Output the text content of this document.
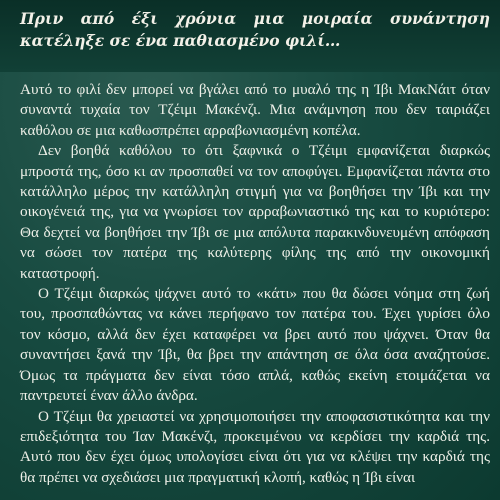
Πριν από έξι χρόνια μια μοιραία συνάντηση κατέληξε σε ένα παθιασμένο φιλί…

Αυτό το φιλί δεν μπορεί να βγάλει από το μυαλό της η Ίβι ΜακΝάιτ όταν συναντά τυχαία τον Τζέιμι Μακένζι. Μια ανάμνηση που δεν ταιριάζει καθόλου σε μια καθωσπρέπει αρραβωνιασμένη κοπέλα.

Δεν βοηθά καθόλου το ότι ξαφνικά ο Τζέιμι εμφανίζεται διαρκώς μπροστά της, όσο κι αν προσπαθεί να τον αποφύγει. Εμφανίζεται πάντα στο κατάλληλο μέρος την κατάλληλη στιγμή για να βοηθήσει την Ίβι και την οικογένειά της, για να γνωρίσει τον αρραβωνιαστικό της και το κυριότερο: Θα δεχτεί να βοηθήσει την Ίβι σε μια απόλυτα παρακινδυνευμένη απόφαση να σώσει τον πατέρα της καλύτερης φίλης της από την οικονομική καταστροφή.

Ο Τζέιμι διαρκώς ψάχνει αυτό το «κάτι» που θα δώσει νόημα στη ζωή του, προσπαθώντας να κάνει περήφανο τον πατέρα του. Έχει γυρίσει όλο τον κόσμο, αλλά δεν έχει καταφέρει να βρει αυτό που ψάχνει. Όταν θα συναντήσει ξανά την Ίβι, θα βρει την απάντηση σε όλα όσα αναζητούσε. Όμως τα πράγματα δεν είναι τόσο απλά, καθώς εκείνη ετοιμάζεται να παντρευτεί έναν άλλο άνδρα.

Ο Τζέιμι θα χρειαστεί να χρησιμοποιήσει την αποφασιστικότητα και την επιδεξιότητα του Ίαν Μακένζι, προκειμένου να κερδίσει την καρδιά της. Αυτό που δεν έχει όμως υπολογίσει είναι ότι για να κλέψει την καρδιά της θα πρέπει να σχεδιάσει μια πραγματική κλοπή, καθώς η Ίβι είναι
